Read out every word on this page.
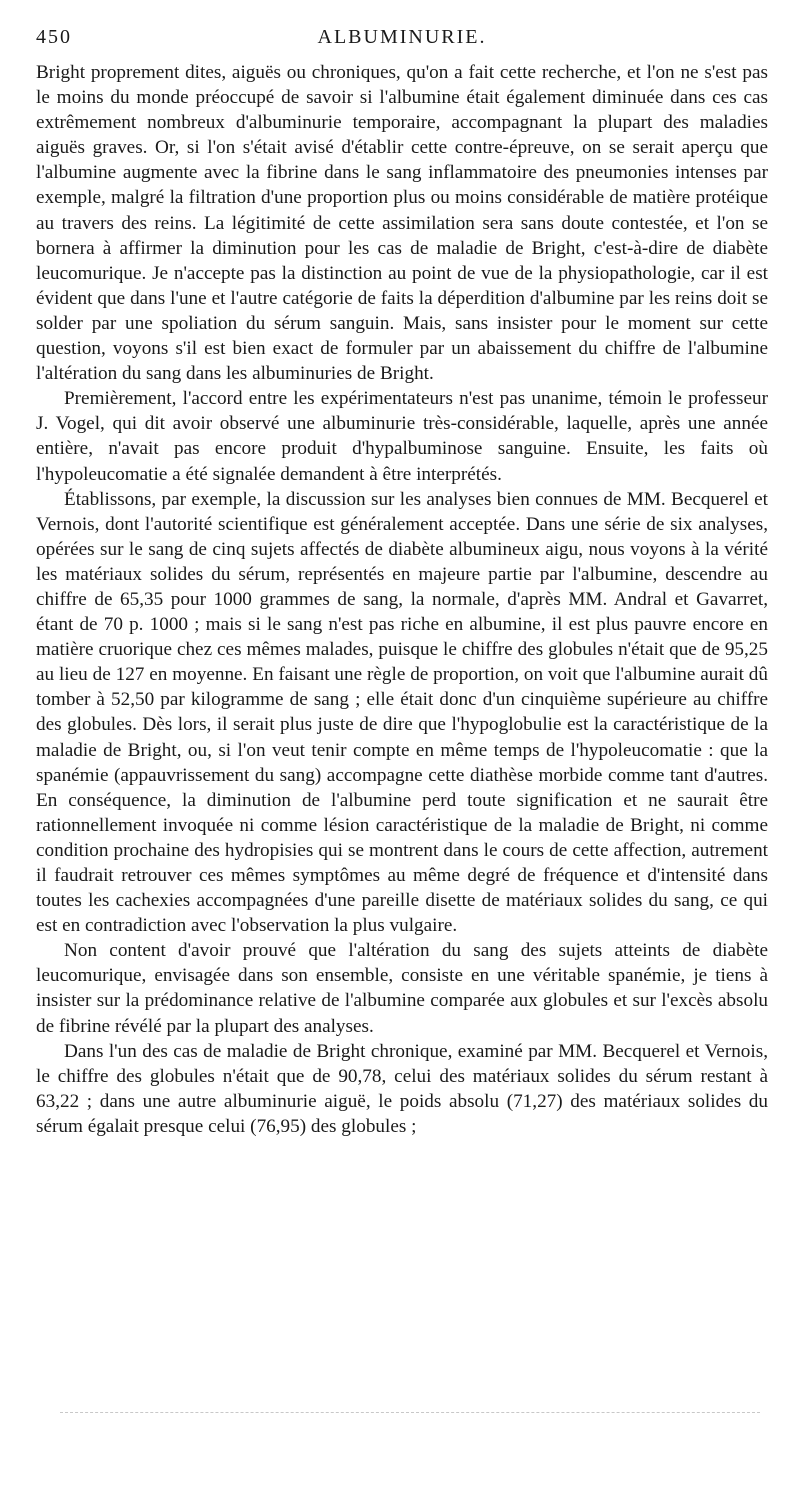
450	ALBUMINURIE.

Bright proprement dites, aiguës ou chroniques, qu'on a fait cette recherche, et l'on ne s'est pas le moins du monde préoccupé de savoir si l'albumine était également diminuée dans ces cas extrêmement nombreux d'albuminurie temporaire, accompagnant la plupart des maladies aiguës graves. Or, si l'on s'était avisé d'établir cette contre-épreuve, on se serait aperçu que l'albumine augmente avec la fibrine dans le sang inflammatoire des pneumonies intenses par exemple, malgré la filtration d'une proportion plus ou moins considérable de matière protéique au travers des reins. La légitimité de cette assimilation sera sans doute contestée, et l'on se bornera à affirmer la diminution pour les cas de maladie de Bright, c'est-à-dire de diabète leucomurique. Je n'accepte pas la distinction au point de vue de la physiopathologie, car il est évident que dans l'une et l'autre catégorie de faits la déperdition d'albumine par les reins doit se solder par une spoliation du sérum sanguin. Mais, sans insister pour le moment sur cette question, voyons s'il est bien exact de formuler par un abaissement du chiffre de l'albumine l'altération du sang dans les albuminuries de Bright.

Premièrement, l'accord entre les expérimentateurs n'est pas unanime, témoin le professeur J. Vogel, qui dit avoir observé une albuminurie très-considérable, laquelle, après une année entière, n'avait pas encore produit d'hypalbuminose sanguine. Ensuite, les faits où l'hypoleucomatie a été signalée demandent à être interprétés.

Établissons, par exemple, la discussion sur les analyses bien connues de MM. Becquerel et Vernois, dont l'autorité scientifique est généralement acceptée. Dans une série de six analyses, opérées sur le sang de cinq sujets affectés de diabète albumineux aigu, nous voyons à la vérité les matériaux solides du sérum, représentés en majeure partie par l'albumine, descendre au chiffre de 65,35 pour 1000 grammes de sang, la normale, d'après MM. Andral et Gavarret, étant de 70 p. 1000 ; mais si le sang n'est pas riche en albumine, il est plus pauvre encore en matière cruorique chez ces mêmes malades, puisque le chiffre des globules n'était que de 95,25 au lieu de 127 en moyenne. En faisant une règle de proportion, on voit que l'albumine aurait dû tomber à 52,50 par kilogramme de sang ; elle était donc d'un cinquième supérieure au chiffre des globules. Dès lors, il serait plus juste de dire que l'hypoglobulie est la caractéristique de la maladie de Bright, ou, si l'on veut tenir compte en même temps de l'hypoleucomatie : que la spanémie (appauvrissement du sang) accompagne cette diathèse morbide comme tant d'autres. En conséquence, la diminution de l'albumine perd toute signification et ne saurait être rationnellement invoquée ni comme lésion caractéristique de la maladie de Bright, ni comme condition prochaine des hydropisies qui se montrent dans le cours de cette affection, autrement il faudrait retrouver ces mêmes symptômes au même degré de fréquence et d'intensité dans toutes les cachexies accompagnées d'une pareille disette de matériaux solides du sang, ce qui est en contradiction avec l'observation la plus vulgaire.

Non content d'avoir prouvé que l'altération du sang des sujets atteints de diabète leucomurique, envisagée dans son ensemble, consiste en une véritable spanémie, je tiens à insister sur la prédominance relative de l'albumine comparée aux globules et sur l'excès absolu de fibrine révélé par la plupart des analyses.

Dans l'un des cas de maladie de Bright chronique, examiné par MM. Becquerel et Vernois, le chiffre des globules n'était que de 90,78, celui des matériaux solides du sérum restant à 63,22 ; dans une autre albuminurie aiguë, le poids absolu (71,27) des matériaux solides du sérum égalait presque celui (76,95) des globules ;
